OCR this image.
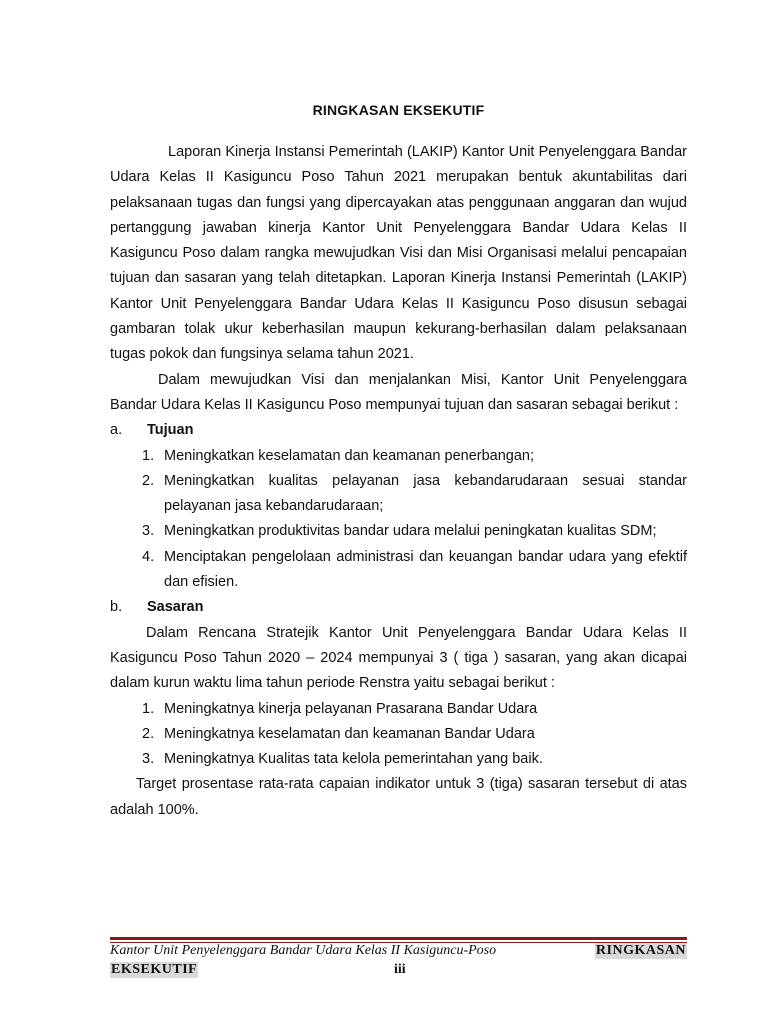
RINGKASAN EKSEKUTIF

Laporan Kinerja Instansi Pemerintah (LAKIP) Kantor Unit Penyelenggara Bandar Udara Kelas II Kasiguncu Poso Tahun 2021 merupakan bentuk akuntabilitas dari pelaksanaan tugas dan fungsi yang dipercayakan atas penggunaan anggaran dan wujud pertanggung jawaban kinerja Kantor Unit Penyelenggara Bandar Udara Kelas II Kasiguncu Poso dalam rangka mewujudkan Visi dan Misi Organisasi melalui pencapaian tujuan dan sasaran yang telah ditetapkan. Laporan Kinerja Instansi Pemerintah (LAKIP) Kantor Unit Penyelenggara Bandar Udara Kelas II Kasiguncu Poso disusun sebagai gambaran tolak ukur keberhasilan maupun kekurang-berhasilan dalam pelaksanaan tugas pokok dan fungsinya selama tahun 2021.

Dalam mewujudkan Visi dan menjalankan Misi, Kantor Unit Penyelenggara Bandar Udara Kelas II Kasiguncu Poso mempunyai tujuan dan sasaran sebagai berikut :

a.	Tujuan
1. Meningkatkan keselamatan dan keamanan penerbangan;
2. Meningkatkan kualitas pelayanan jasa kebandarudaraan sesuai standar pelayanan jasa kebandarudaraan;
3. Meningkatkan produktivitas bandar udara melalui peningkatan kualitas SDM;
4. Menciptakan pengelolaan administrasi dan keuangan bandar udara yang efektif dan efisien.
b.	Sasaran

Dalam Rencana Stratejik Kantor Unit Penyelenggara Bandar Udara Kelas II Kasiguncu Poso Tahun 2020 – 2024 mempunyai 3 ( tiga ) sasaran, yang akan dicapai dalam kurun waktu lima tahun periode Renstra yaitu sebagai berikut :

1. Meningkatnya kinerja pelayanan Prasarana Bandar Udara
2. Meningkatnya keselamatan dan keamanan Bandar Udara
3. Meningkatnya Kualitas tata kelola pemerintahan yang baik.

Target prosentase rata-rata capaian indikator untuk 3 (tiga) sasaran tersebut di atas adalah 100%.

Kantor Unit Penyelenggara Bandar Udara Kelas II Kasiguncu-Poso	RINGKASAN
EKSEKUTIF	iii
